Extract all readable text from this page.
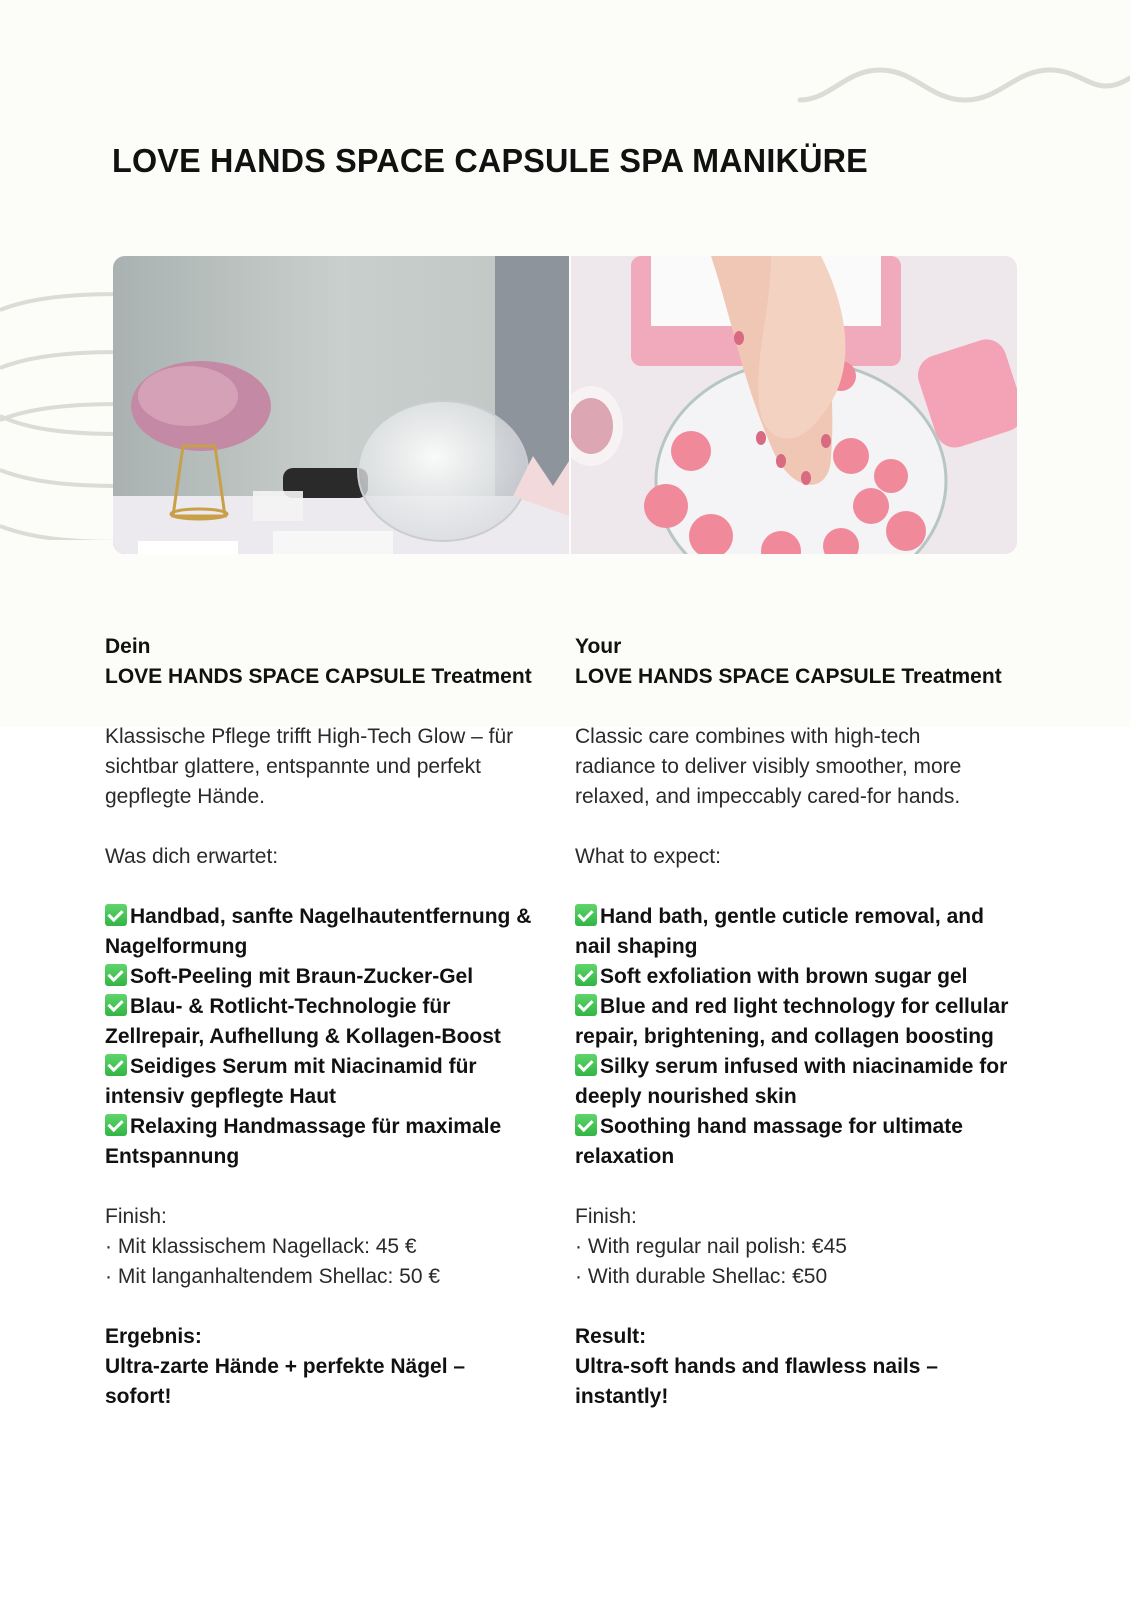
LOVE HANDS SPACE CAPSULE SPA MANIKÜRE

Dein

LOVE HANDS SPACE CAPSULE Treatment

Klassische Pflege trifft High-Tech Glow – für

sichtbar glattere, entspannte und perfekt

gepflegte Hände.

Was dich erwartet:

Handbad, sanfte Nagelhautentfernung &

Nagelformung

Soft-Peeling mit Braun-Zucker-Gel

Blau- & Rotlicht-Technologie für

Zellrepair, Aufhellung & Kollagen-Boost

Seidiges Serum mit Niacinamid für

intensiv gepflegte Haut

Relaxing Handmassage für maximale

Entspannung

Finish:

· Mit klassischem Nagellack: 45 €

· Mit langanhaltendem Shellac: 50 €

Ergebnis:

Ultra-zarte Hände + perfekte Nägel –

sofort!

Your

LOVE HANDS SPACE CAPSULE Treatment

Classic care combines with high-tech

radiance to deliver visibly smoother, more

relaxed, and impeccably cared-for hands.

What to expect:

Hand bath, gentle cuticle removal, and

nail shaping

Soft exfoliation with brown sugar gel

Blue and red light technology for cellular

repair, brightening, and collagen boosting

Silky serum infused with niacinamide for

deeply nourished skin

Soothing hand massage for ultimate

relaxation

Finish:

· With regular nail polish: €45

· With durable Shellac: €50

Result:

Ultra-soft hands and flawless nails –

instantly!
